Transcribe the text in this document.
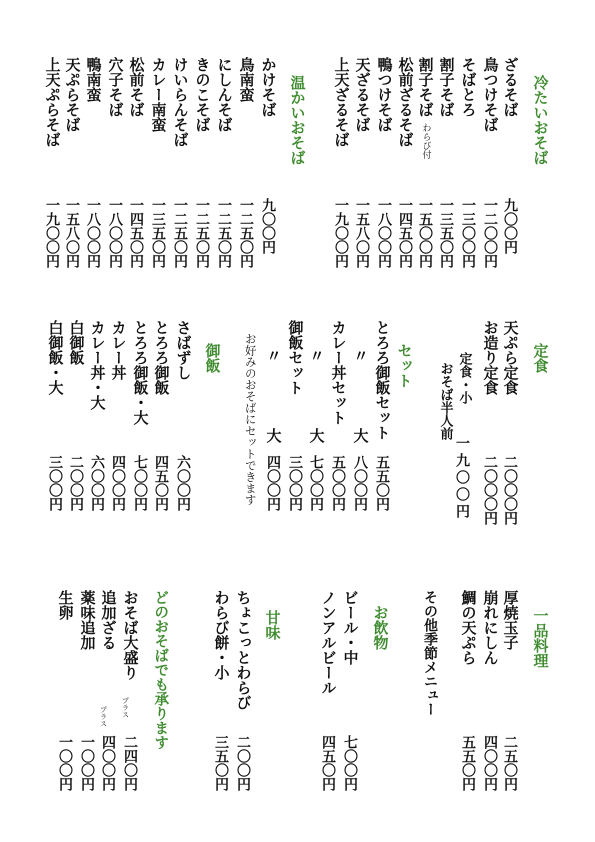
冷たいおそば
ざるそば
九〇〇円
鳥つけそば
一二〇〇円
そばとろ
一三〇〇円
割子そば
一三五〇円
割子そば
わらび付
一五〇〇円
松前ざるそば
一四五〇円
鴨つけそば
一八〇〇円
天ざるそば
一五八〇円
上天ざるそば
一九〇〇円
温かいおそば
かけそば
九〇〇円
鳥南蛮
一二五〇円
にしんそば
一二五〇円
きのこそば
一二五〇円
けいらんそば
一二五〇円
カレー南蛮
一三五〇円
松前そば
一四五〇円
穴子そば
一八〇〇円
鴨南蛮
一八〇〇円
天ぷらそば
一五八〇円
上天ぷらそば
一九〇〇円
定食
天ぷら定食
二〇〇〇円
お造り定食
二〇〇〇円
定食・小
おそば半人前
一九〇〇円
セット
とろろ御飯セット
五五〇円
〃
大
八〇〇円
カレー丼セット
五〇〇円
〃
大
七〇〇円
御飯セット
三〇〇円
〃
大
四〇〇円
お好みのおそばにセットできます
御飯
さばずし
六〇〇円
とろろ御飯
四五〇円
とろろ御飯・大
七〇〇円
カレー丼
四〇〇円
カレー丼・大
六〇〇円
白御飯
二〇〇円
白御飯・大
三〇〇円
一品料理
厚焼玉子
二五〇円
崩れにしん
四〇〇円
鯛の天ぷら
五五〇円
その他季節メニュー
お飲物
ビール・中
七〇〇円
ノンアルビール
四五〇円
甘味
ちょこっとわらび
二〇〇円
わらび餅・小
三五〇円
どのおそばでも承ります
おそば大盛り
プラス
二四〇円
追加ざる
プラス
四〇〇円
薬味追加
一〇〇円
生卵
一〇〇円
